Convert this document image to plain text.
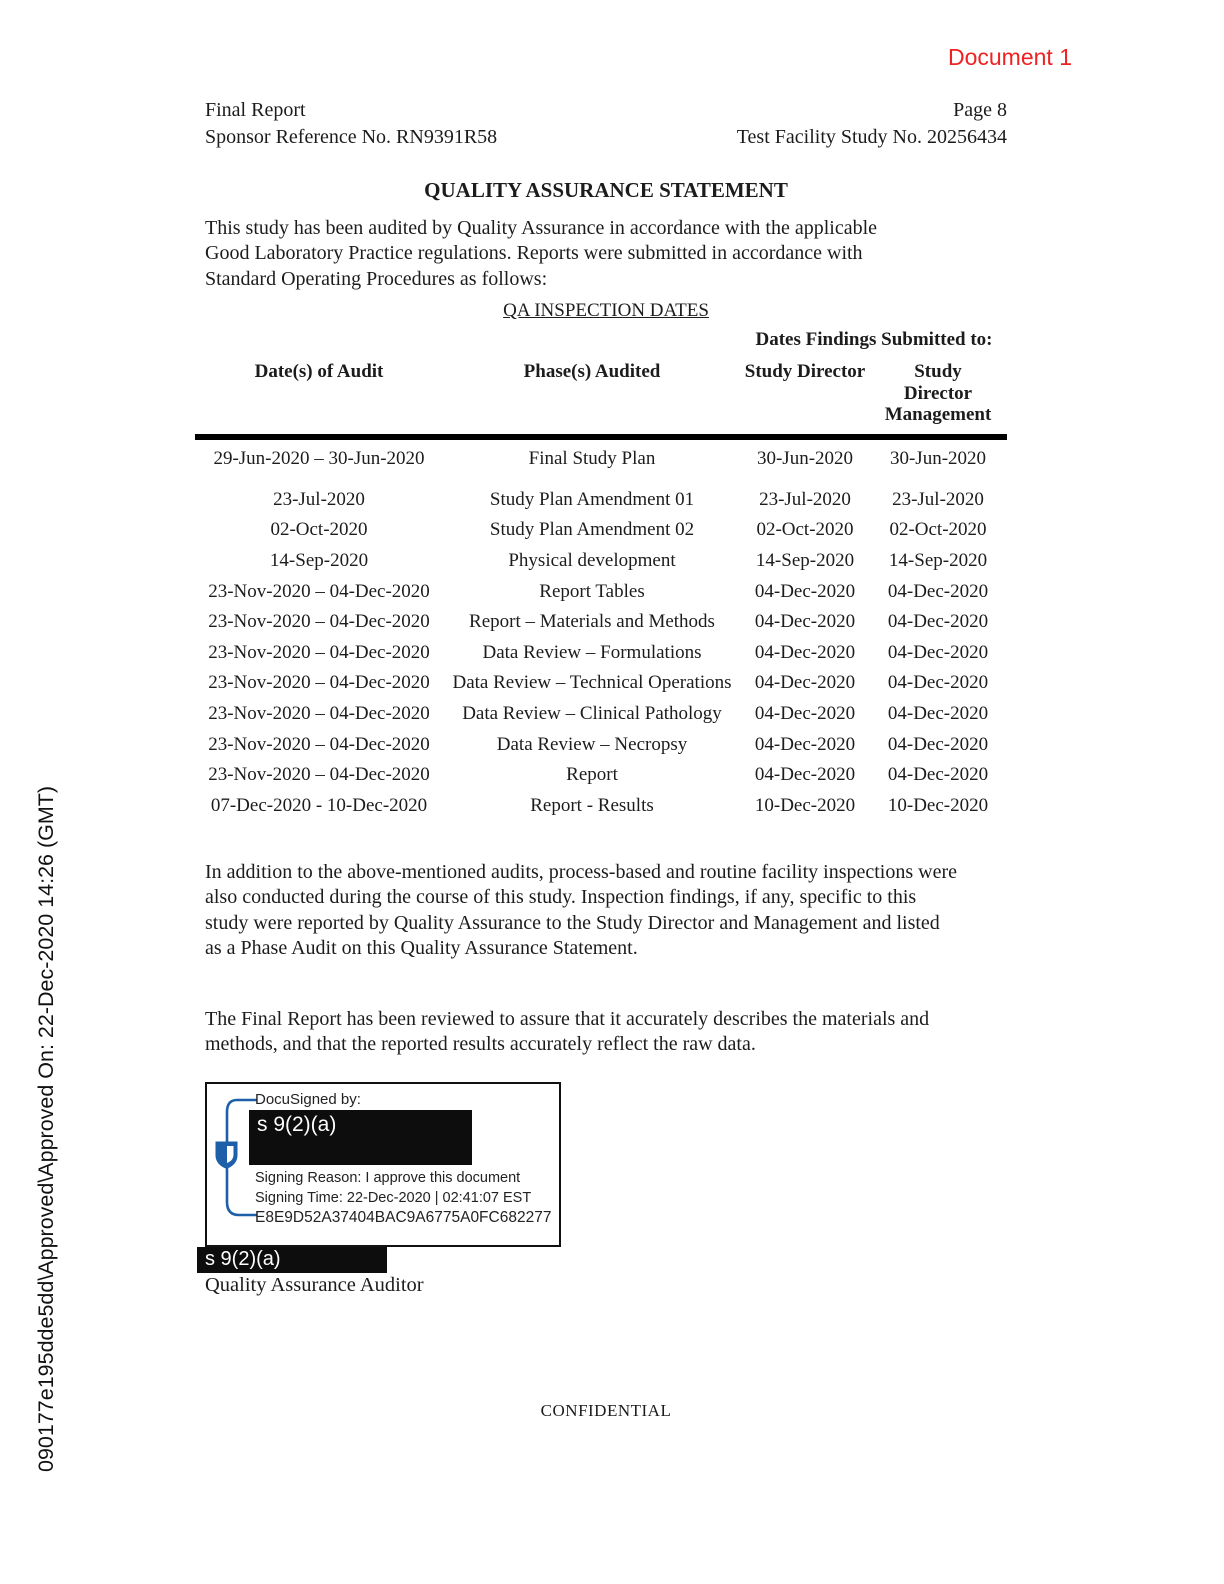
090177e195dde5dd\Approved\Approved On: 22-Dec-2020 14:26 (GMT)
Document 1
Final Report
Sponsor Reference No. RN9391R58
Page 8
Test Facility Study No. 20256434
QUALITY ASSURANCE STATEMENT
This study has been audited by Quality Assurance in accordance with the applicable
Good Laboratory Practice regulations. Reports were submitted in accordance with
Standard Operating Procedures as follows:
QA INSPECTION DATES
		Dates Findings Submitted to:	
Date(s) of Audit	Phase(s) Audited	Study Director	Study Director Management
29-Jun-2020 – 30-Jun-2020	Final Study Plan	30-Jun-2020	30-Jun-2020
23-Jul-2020	Study Plan Amendment 01	23-Jul-2020	23-Jul-2020
02-Oct-2020	Study Plan Amendment 02	02-Oct-2020	02-Oct-2020
14-Sep-2020	Physical development	14-Sep-2020	14-Sep-2020
23-Nov-2020 – 04-Dec-2020	Report Tables	04-Dec-2020	04-Dec-2020
23-Nov-2020 – 04-Dec-2020	Report – Materials and Methods	04-Dec-2020	04-Dec-2020
23-Nov-2020 – 04-Dec-2020	Data Review – Formulations	04-Dec-2020	04-Dec-2020
23-Nov-2020 – 04-Dec-2020	Data Review – Technical Operations	04-Dec-2020	04-Dec-2020
23-Nov-2020 – 04-Dec-2020	Data Review – Clinical Pathology	04-Dec-2020	04-Dec-2020
23-Nov-2020 – 04-Dec-2020	Data Review – Necropsy	04-Dec-2020	04-Dec-2020
23-Nov-2020 – 04-Dec-2020	Report	04-Dec-2020	04-Dec-2020
07-Dec-2020 - 10-Dec-2020	Report - Results	10-Dec-2020	10-Dec-2020
In addition to the above-mentioned audits, process-based and routine facility inspections were
also conducted during the course of this study. Inspection findings, if any, specific to this
study were reported by Quality Assurance to the Study Director and Management and listed
as a Phase Audit on this Quality Assurance Statement.
The Final Report has been reviewed to assure that it accurately describes the materials and
methods, and that the reported results accurately reflect the raw data.
DocuSigned by:
s 9(2)(a)
Signing Reason: I approve this document
Signing Time: 22-Dec-2020 | 02:41:07 EST
E8E9D52A37404BAC9A6775A0FC682277
s 9(2)(a)
Quality Assurance Auditor
CONFIDENTIAL
